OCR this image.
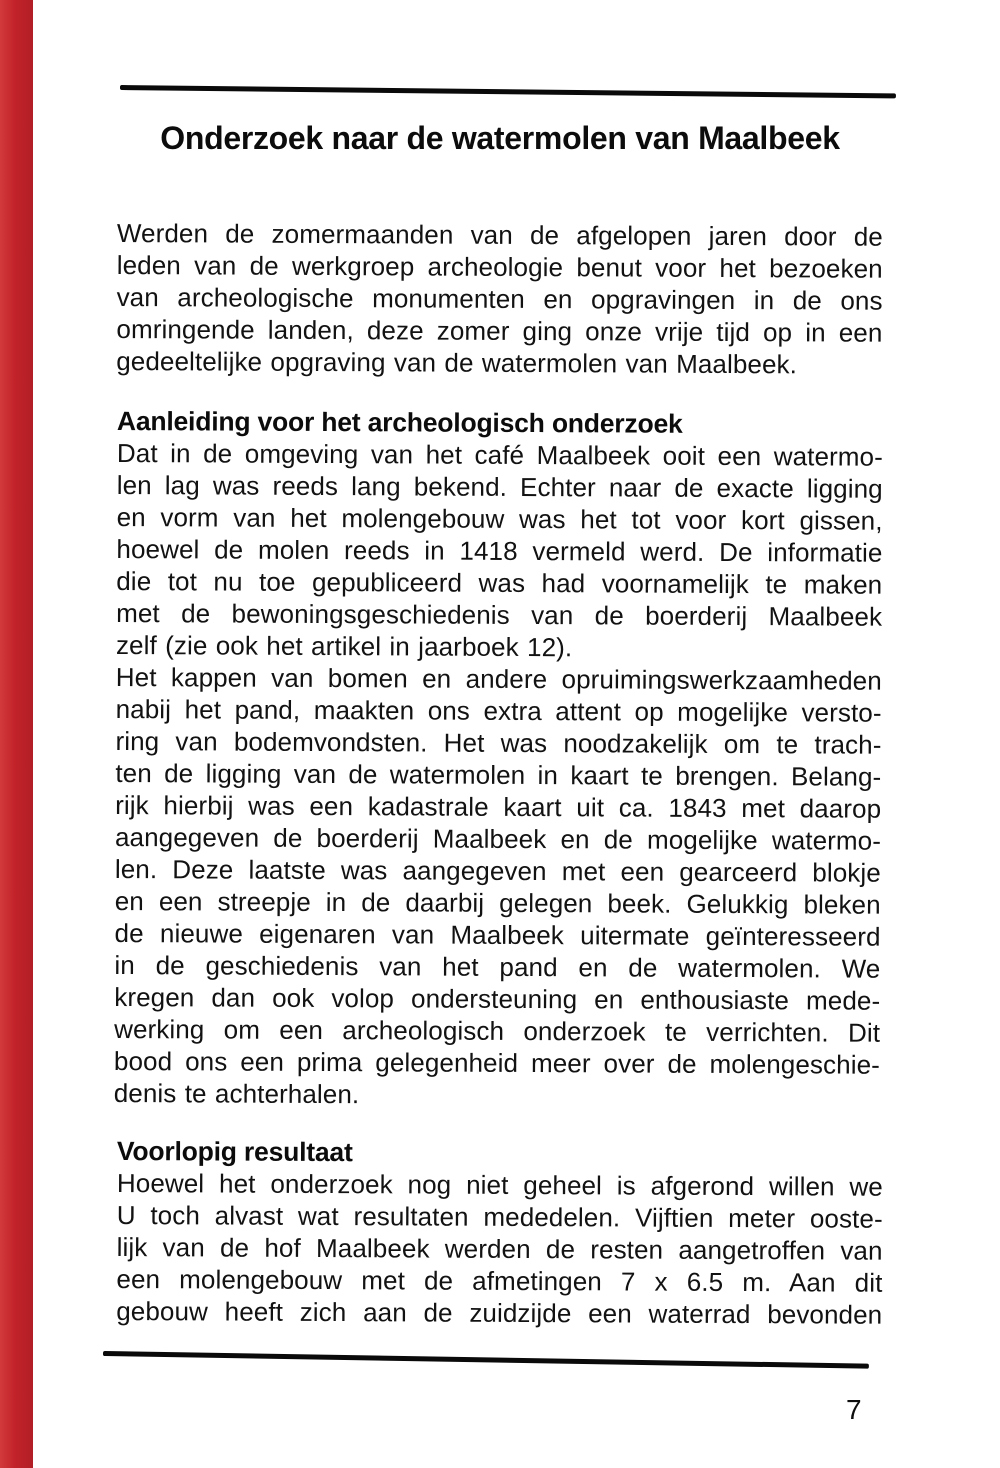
Onderzoek naar de watermolen van Maalbeek
Werden de zomermaanden van de afgelopen jaren door de
leden van de werkgroep archeologie benut voor het bezoeken
van archeologische monumenten en opgravingen in de ons
omringende landen, deze zomer ging onze vrije tijd op in een
gedeeltelijke opgraving van de watermolen van Maalbeek.
Aanleiding voor het archeologisch onderzoek
Dat in de omgeving van het café Maalbeek ooit een watermo-
len lag was reeds lang bekend. Echter naar de exacte ligging
en vorm van het molengebouw was het tot voor kort gissen,
hoewel de molen reeds in 1418 vermeld werd. De informatie
die tot nu toe gepubliceerd was had voornamelijk te maken
met de bewoningsgeschiedenis van de boerderij Maalbeek
zelf (zie ook het artikel in jaarboek 12).
Het kappen van bomen en andere opruimingswerkzaamheden
nabij het pand, maakten ons extra attent op mogelijke versto-
ring van bodemvondsten. Het was noodzakelijk om te trach-
ten de ligging van de watermolen in kaart te brengen. Belang-
rijk hierbij was een kadastrale kaart uit ca. 1843 met daarop
aangegeven de boerderij Maalbeek en de mogelijke watermo-
len. Deze laatste was aangegeven met een gearceerd blokje
en een streepje in de daarbij gelegen beek. Gelukkig bleken
de nieuwe eigenaren van Maalbeek uitermate geïnteresseerd
in de geschiedenis van het pand en de watermolen. We
kregen dan ook volop ondersteuning en enthousiaste mede-
werking om een archeologisch onderzoek te verrichten. Dit
bood ons een prima gelegenheid meer over de molengeschie-
denis te achterhalen.
Voorlopig resultaat
Hoewel het onderzoek nog niet geheel is afgerond willen we
U toch alvast wat resultaten mededelen. Vijftien meter ooste-
lijk van de hof Maalbeek werden de resten aangetroffen van
een molengebouw met de afmetingen 7 x 6.5 m. Aan dit
gebouw heeft zich aan de zuidzijde een waterrad bevonden
7
